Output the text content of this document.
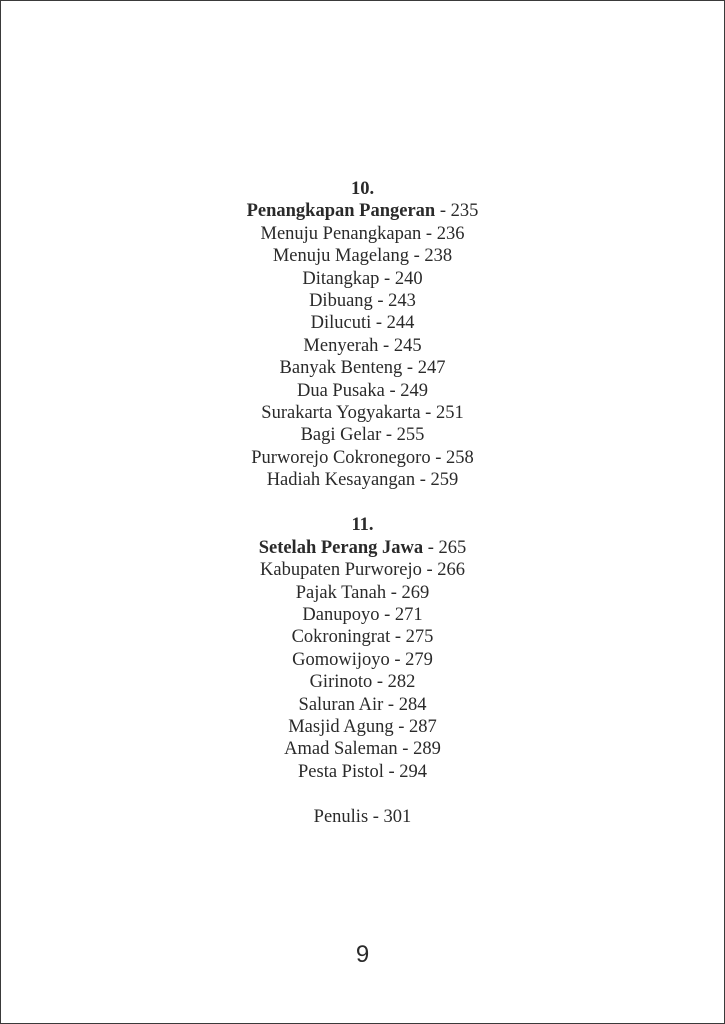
10.
Penangkapan Pangeran - 235
Menuju Penangkapan - 236
Menuju Magelang - 238
Ditangkap - 240
Dibuang - 243
Dilucuti - 244
Menyerah - 245
Banyak Benteng - 247
Dua Pusaka - 249
Surakarta Yogyakarta - 251
Bagi Gelar - 255
Purworejo Cokronegoro - 258
Hadiah Kesayangan - 259
11.
Setelah Perang Jawa - 265
Kabupaten Purworejo - 266
Pajak Tanah - 269
Danupoyo - 271
Cokroningrat - 275
Gomowijoyo - 279
Girinoto - 282
Saluran Air - 284
Masjid Agung - 287
Amad Saleman - 289
Pesta Pistol - 294
Penulis - 301
9
